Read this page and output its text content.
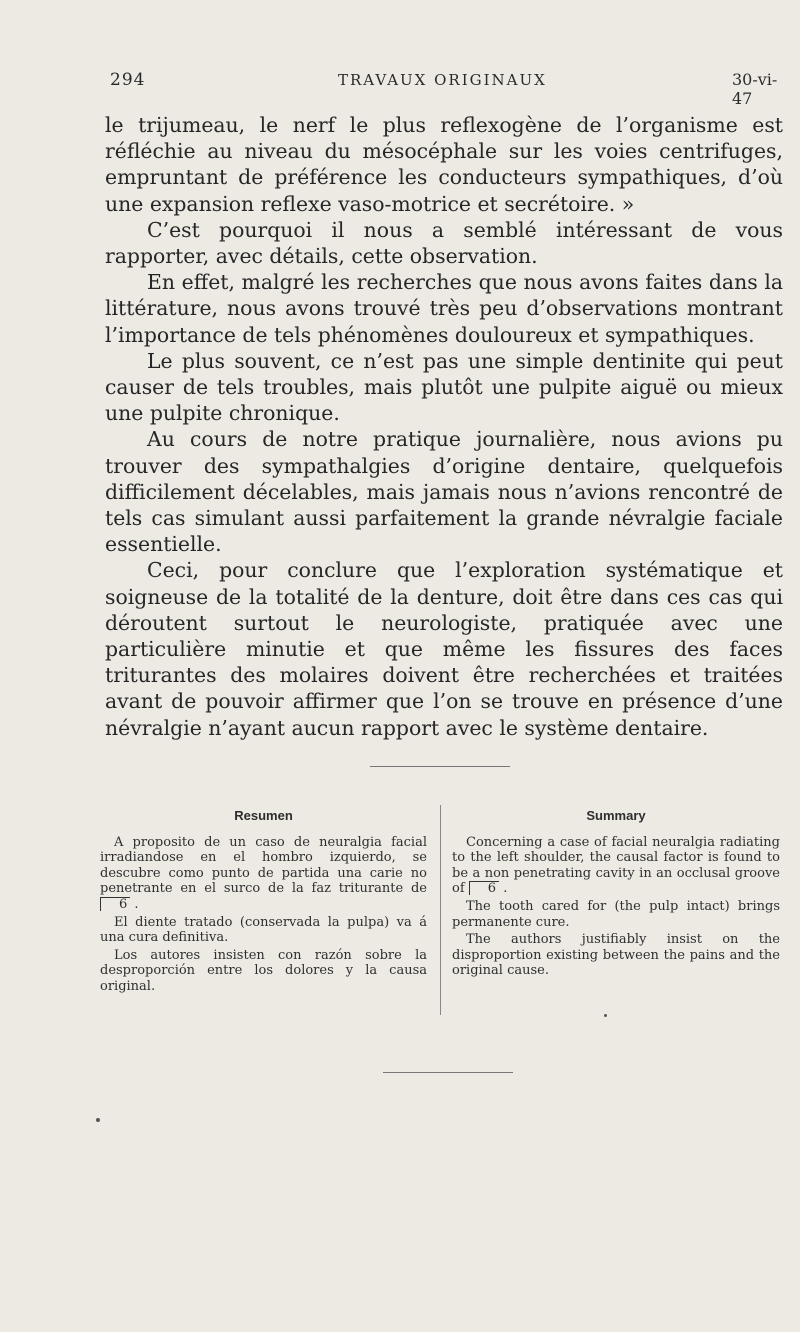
294	TRAVAUX ORIGINAUX	30-vi-47

le trijumeau, le nerf le plus reflexogène de l’organisme est réfléchie au niveau du mésocéphale sur les voies centrifuges, empruntant de préférence les conducteurs sympathiques, d’où une expansion reflexe vaso-motrice et secrétoire. »

C’est pourquoi il nous a semblé intéressant de vous rapporter, avec détails, cette observation.

En effet, malgré les recherches que nous avons faites dans la littérature, nous avons trouvé très peu d’observations montrant l’importance de tels phénomènes douloureux et sympathiques.

Le plus souvent, ce n’est pas une simple dentinite qui peut causer de tels troubles, mais plutôt une pulpite aiguë ou mieux une pulpite chronique.

Au cours de notre pratique journalière, nous avions pu trouver des sympathalgies d’origine dentaire, quelquefois difficilement décelables, mais jamais nous n’avions rencontré de tels cas simulant aussi parfaitement la grande névralgie faciale essentielle.

Ceci, pour conclure que l’exploration systématique et soigneuse de la totalité de la denture, doit être dans ces cas qui déroutent surtout le neurologiste, pratiquée avec une particulière minutie et que même les fissures des faces triturantes des molaires doivent être recherchées et traitées avant de pouvoir affirmer que l’on se trouve en présence d’une névralgie n’ayant aucun rapport avec le système dentaire.

Resumen

A proposito de un caso de neuralgia facial irradiandose en el hombro izquierdo, se descubre como punto de partida una carie no penetrante en el surco de la faz triturante de 6 .

El diente tratado (conservada la pulpa) va á una cura definitiva.

Los autores insisten con razón sobre la desproporción entre los dolores y la causa original.

Summary

Concerning a case of facial neuralgia radiating to the left shoulder, the causal factor is found to be a non penetrating cavity in an occlusal groove of 6 .

The tooth cared for (the pulp intact) brings permanente cure.

The authors justifiably insist on the disproportion existing between the pains and the original cause.
